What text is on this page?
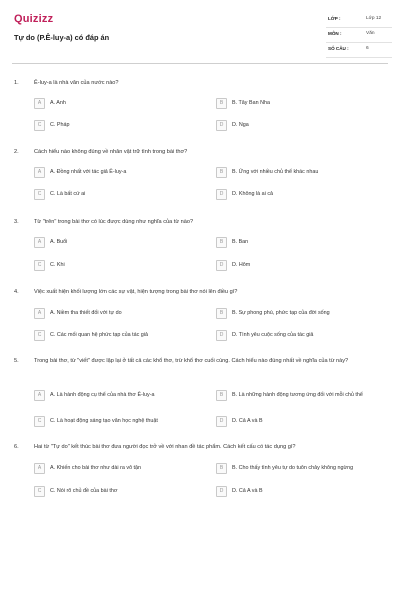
Quizizz
Tự do (P.Ê-luy-a) có đáp án
LỚP :	Lớp 12
MÔN :	Văn
SỐ CÂU :	6
1.	Ê-luy-a là nhà văn của nước nào?
A	A. Anh	B	B. Tây Ban Nha
C	C. Pháp	D	D. Nga
2.	Cách hiểu nào không đúng về nhân vật trữ tình trong bài thơ?
A	A. Đồng nhất với tác giả Ê-luy-a	B	B. Ứng với nhiều chủ thể khác nhau
C	C. Là bất cứ ai	D	D. Không là ai cả
3.	Từ "trên" trong bài thơ có lúc được dùng như nghĩa của từ nào?
A	A. Buổi	B	B. Ban
C	C. Khi	D	D. Hôm
4.	Việc xuất hiện khối lượng lớn các sự vật, hiện tượng trong bài thơ nói lên điều gì?
A	A. Niềm tha thiết đối với tự do	B	B. Sự phong phú, phức tạp của đời sống
C	C. Các mối quan hệ phức tạp của tác giả	D	D. Tình yêu cuộc sống của tác giả
5.	Trong bài thơ, từ "viết" được lặp lại ở tất cả các khổ thơ, trừ khổ thơ cuối cùng. Cách hiểu nào đúng nhất về nghĩa của từ này?
A	A. Là hành động cụ thể của nhà thơ Ê-luy-a	B	B. Là những hành động tương ứng đối với mỗi chủ thể
C	C. Là hoạt động sáng tạo văn học nghệ thuật	D	D. Cả A và B
6.	Hai từ "Tự do" kết thúc bài thơ đưa người đọc trở về với nhan đề tác phẩm. Cách kết cấu có tác dụng gì?
A	A. Khiến cho bài thơ như dài ra vô tận	B	B. Cho thấy tình yêu tự do tuôn chảy không ngừng
C	C. Nói rõ chủ đề của bài thơ	D	D. Cả A và B
